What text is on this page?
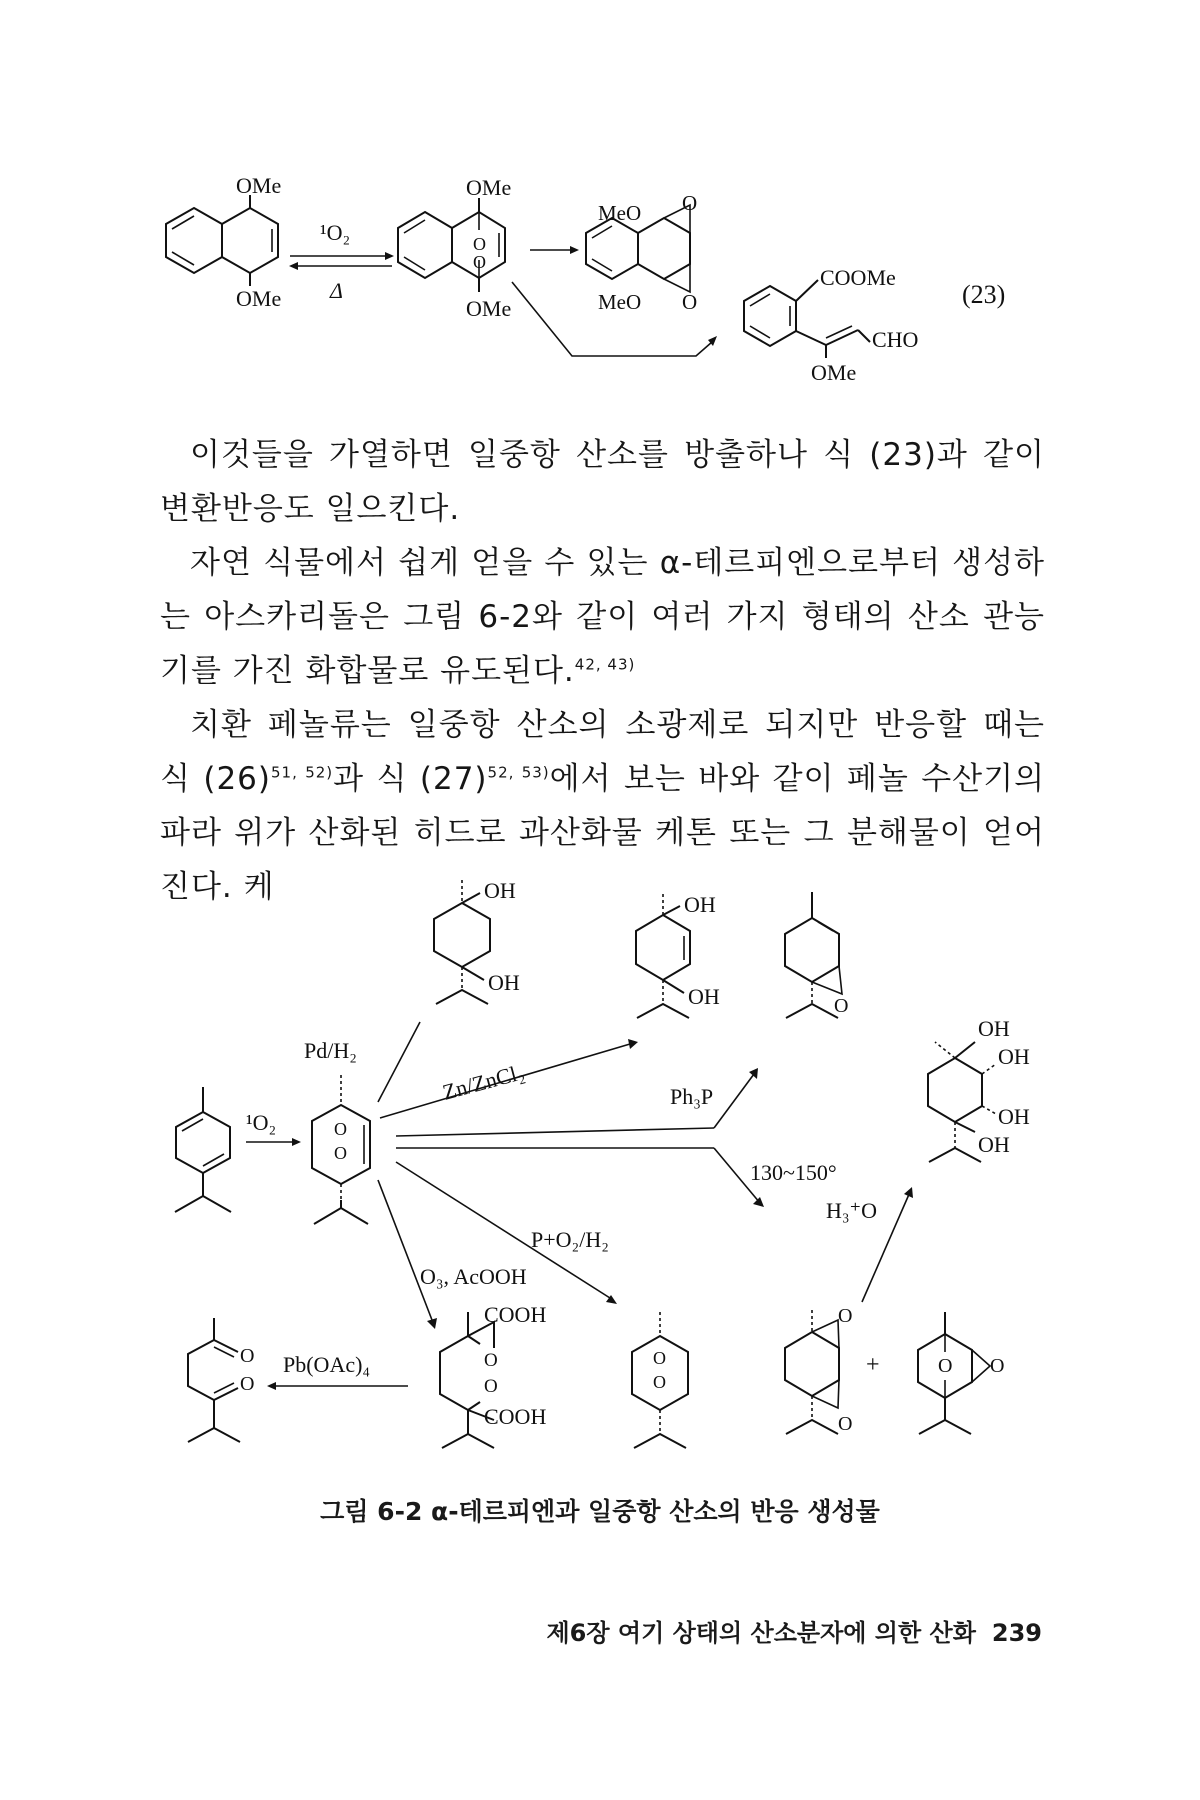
OMe
OMe
¹O₂
Δ
O
O
OMe
OMe
MeO O
MeO O
COOMe
CHO
OMe
(23)
이것들을 가열하면 일중항 산소를 방출하나 식 (23)과 같이 변환반응도 일으킨다.
자연 식물에서 쉽게 얻을 수 있는 α-테르피엔으로부터 생성하는 아스카리돌은 그림 6-2와 같이 여러 가지 형태의 산소 관능기를 가진 화합물로 유도된다.$^{42, 43)}$
치환 페놀류는 일중항 산소의 소광제로 되지만 반응할 때는 식 $(26)^{51, 52)}$과 식 $(27)^{52, 53)}$에서 보는 바와 같이 페놀 수산기의 파라 위가 산화된 히드로 과산화물 케톤 또는 그 분해물이 얻어진다. 케
¹O₂	O
O
Pd/H₂
OH
OH
Zn/ZnCl₂
OH
OH	O
Ph₃P
130~150°
H₃⁺O
OH
OH
OH
OH
P+O₂/H₂
O₃, AcOOH
O
O
O
O
+	O O
COOH
O
O
COOH
Pb(OAc)₄
O
O
그림 6-2 α-테르피엔과 일중항 산소의 반응 생성물
제6장 여기 상태의 산소분자에 의한 산화 239
